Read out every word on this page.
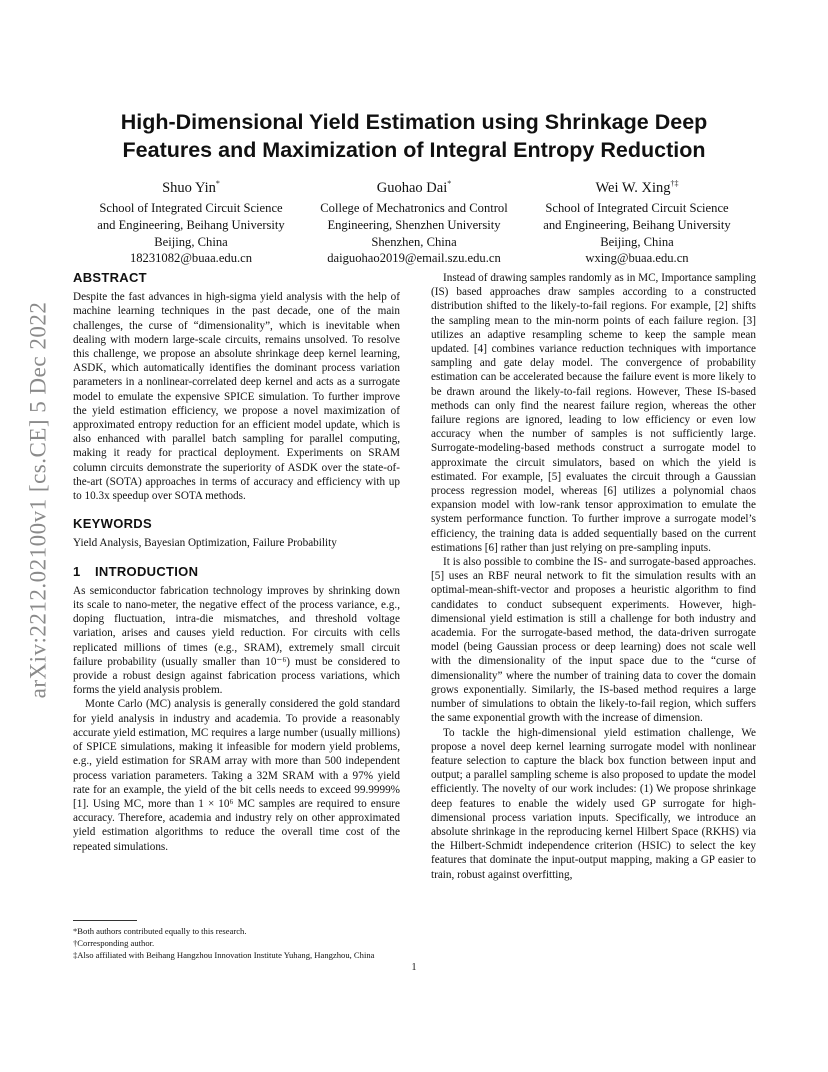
arXiv:2212.02100v1 [cs.CE] 5 Dec 2022
High-Dimensional Yield Estimation using Shrinkage Deep
Features and Maximization of Integral Entropy Reduction
Shuo Yin*
School of Integrated Circuit Science
and Engineering, Beihang University
Beijing, China
18231082@buaa.edu.cn
Guohao Dai*
College of Mechatronics and Control
Engineering, Shenzhen University
Shenzhen, China
daiguohao2019@email.szu.edu.cn
Wei W. Xing†‡
School of Integrated Circuit Science
and Engineering, Beihang University
Beijing, China
wxing@buaa.edu.cn
ABSTRACT

Despite the fast advances in high-sigma yield analysis with the help of machine learning techniques in the past decade, one of the main challenges, the curse of “dimensionality”, which is inevitable when dealing with modern large-scale circuits, remains unsolved. To resolve this challenge, we propose an absolute shrinkage deep kernel learning, ASDK, which automatically identifies the dominant process variation parameters in a nonlinear-correlated deep kernel and acts as a surrogate model to emulate the expensive SPICE simulation. To further improve the yield estimation efficiency, we propose a novel maximization of approximated entropy reduction for an efficient model update, which is also enhanced with parallel batch sampling for parallel computing, making it ready for practical deployment. Experiments on SRAM column circuits demonstrate the superiority of ASDK over the state-of-the-art (SOTA) approaches in terms of accuracy and efficiency with up to 10.3x speedup over SOTA methods.

KEYWORDS

Yield Analysis, Bayesian Optimization, Failure Probability

1 INTRODUCTION

As semiconductor fabrication technology improves by shrinking down its scale to nano-meter, the negative effect of the process variance, e.g., doping fluctuation, intra-die mismatches, and threshold voltage variation, arises and causes yield reduction. For circuits with cells replicated millions of times (e.g., SRAM), extremely small circuit failure probability (usually smaller than 10⁻⁶) must be considered to provide a robust design against fabrication process variations, which forms the yield analysis problem.

Monte Carlo (MC) analysis is generally considered the gold standard for yield analysis in industry and academia. To provide a reasonably accurate yield estimation, MC requires a large number (usually millions) of SPICE simulations, making it infeasible for modern yield problems, e.g., yield estimation for SRAM array with more than 500 independent process variation parameters. Taking a 32M SRAM with a 97% yield rate for an example, the yield of the bit cells needs to exceed 99.9999%[1]. Using MC, more than 1 × 10⁶ MC samples are required to ensure accuracy. Therefore, academia and industry rely on other approximated yield estimation algorithms to reduce the overall time cost of the repeated simulations.

Instead of drawing samples randomly as in MC, Importance sampling (IS) based approaches draw samples according to a constructed distribution shifted to the likely-to-fail regions. For example, [2] shifts the sampling mean to the min-norm points of each failure region. [3] utilizes an adaptive resampling scheme to keep the sample mean updated. [4] combines variance reduction techniques with importance sampling and gate delay model. The convergence of probability estimation can be accelerated because the failure event is more likely to be drawn around the likely-to-fail regions. However, These IS-based methods can only find the nearest failure region, whereas the other failure regions are ignored, leading to low efficiency or even low accuracy when the number of samples is not sufficiently large. Surrogate-modeling-based methods construct a surrogate model to approximate the circuit simulators, based on which the yield is estimated. For example, [5] evaluates the circuit through a Gaussian process regression model, whereas [6] utilizes a polynomial chaos expansion model with low-rank tensor approximation to emulate the system performance function. To further improve a surrogate model’s efficiency, the training data is added sequentially based on the current estimations [6] rather than just relying on pre-sampling inputs.

It is also possible to combine the IS- and surrogate-based approaches. [5] uses an RBF neural network to fit the simulation results with an optimal-mean-shift-vector and proposes a heuristic algorithm to find candidates to conduct subsequent experiments. However, high-dimensional yield estimation is still a challenge for both industry and academia. For the surrogate-based method, the data-driven surrogate model (being Gaussian process or deep learning) does not scale well with the dimensionality of the input space due to the “curse of dimensionality” where the number of training data to cover the domain grows exponentially. Similarly, the IS-based method requires a large number of simulations to obtain the likely-to-fail region, which suffers the same exponential growth with the increase of dimension.

To tackle the high-dimensional yield estimation challenge, We propose a novel deep kernel learning surrogate model with nonlinear feature selection to capture the black box function between input and output; a parallel sampling scheme is also proposed to update the model efficiently. The novelty of our work includes: (1) We propose shrinkage deep features to enable the widely used GP surrogate for high-dimensional process variation inputs. Specifically, we introduce an absolute shrinkage in the reproducing kernel Hilbert Space (RKHS) via the Hilbert-Schmidt independence criterion (HSIC) to select the key features that dominate the input-output mapping, making a GP easier to train, robust against overfitting,

*Both authors contributed equally to this research.
†Corresponding author.
‡Also affiliated with Beihang Hangzhou Innovation Institute Yuhang, Hangzhou, China
1
